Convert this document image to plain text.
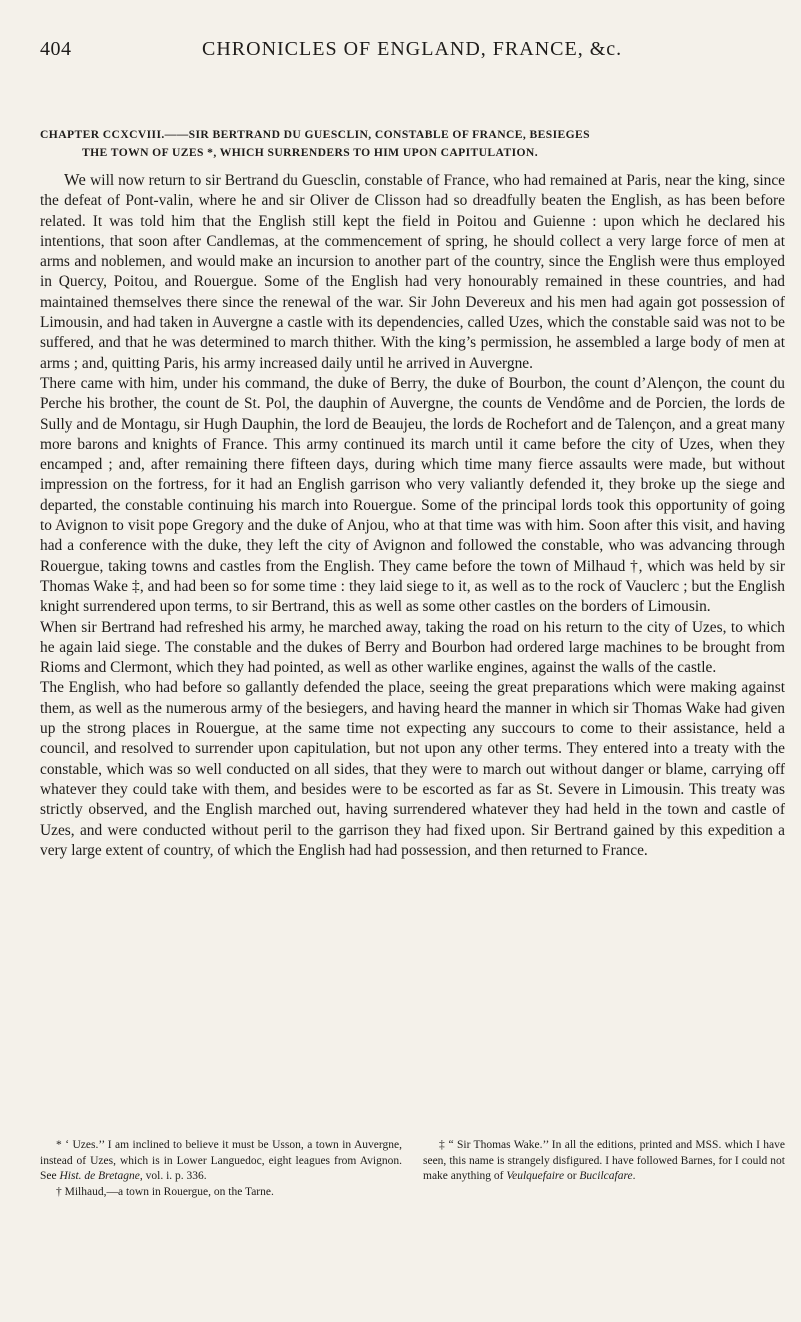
404	CHRONICLES OF ENGLAND, FRANCE, &c.
CHAPTER CCXCVIII.——SIR BERTRAND DU GUESCLIN, CONSTABLE OF FRANCE, BESIEGES
THE TOWN OF UZES *, WHICH SURRENDERS TO HIM UPON CAPITULATION.

We will now return to sir Bertrand du Guesclin, constable of France, who had remained at Paris, near the king, since the defeat of Pont-valin, where he and sir Oliver de Clisson had so dreadfully beaten the English, as has been before related. It was told him that the English still kept the field in Poitou and Guienne : upon which he declared his intentions, that soon after Candlemas, at the commencement of spring, he should collect a very large force of men at arms and noblemen, and would make an incursion to another part of the country, since the English were thus employed in Quercy, Poitou, and Rouergue. Some of the English had very honourably remained in these countries, and had maintained themselves there since the renewal of the war. Sir John Devereux and his men had again got possession of Limousin, and had taken in Auvergne a castle with its dependencies, called Uzes, which the constable said was not to be suffered, and that he was determined to march thither. With the king’s permission, he assembled a large body of men at arms ; and, quitting Paris, his army increased daily until he arrived in Auvergne.

There came with him, under his command, the duke of Berry, the duke of Bourbon, the count d’Alençon, the count du Perche his brother, the count de St. Pol, the dauphin of Auvergne, the counts de Vendôme and de Porcien, the lords de Sully and de Montagu, sir Hugh Dauphin, the lord de Beaujeu, the lords de Rochefort and de Talençon, and a great many more barons and knights of France. This army continued its march until it came before the city of Uzes, when they encamped ; and, after remaining there fifteen days, during which time many fierce assaults were made, but without impression on the fortress, for it had an English garrison who very valiantly defended it, they broke up the siege and departed, the constable continuing his march into Rouergue. Some of the principal lords took this opportunity of going to Avignon to visit pope Gregory and the duke of Anjou, who at that time was with him. Soon after this visit, and having had a conference with the duke, they left the city of Avignon and followed the constable, who was advancing through Rouergue, taking towns and castles from the English. They came before the town of Milhaud †, which was held by sir Thomas Wake ‡, and had been so for some time : they laid siege to it, as well as to the rock of Vauclerc ; but the English knight surrendered upon terms, to sir Bertrand, this as well as some other castles on the borders of Limousin.

When sir Bertrand had refreshed his army, he marched away, taking the road on his return to the city of Uzes, to which he again laid siege. The constable and the dukes of Berry and Bourbon had ordered large machines to be brought from Rioms and Clermont, which they had pointed, as well as other warlike engines, against the walls of the castle.

The English, who had before so gallantly defended the place, seeing the great preparations which were making against them, as well as the numerous army of the besiegers, and having heard the manner in which sir Thomas Wake had given up the strong places in Rouergue, at the same time not expecting any succours to come to their assistance, held a council, and resolved to surrender upon capitulation, but not upon any other terms. They entered into a treaty with the constable, which was so well conducted on all sides, that they were to march out without danger or blame, carrying off whatever they could take with them, and besides were to be escorted as far as St. Severe in Limousin. This treaty was strictly observed, and the English marched out, having surrendered whatever they had held in the town and castle of Uzes, and were conducted without peril to the garrison they had fixed upon. Sir Bertrand gained by this expedition a very large extent of country, of which the English had had possession, and then returned to France.

* ‘ Uzes.’’ I am inclined to believe it must be Usson, a town in Auvergne, instead of Uzes, which is in Lower Languedoc, eight leagues from Avignon. See Hist. de Bretagne, vol. i. p. 336.

† Milhaud,—a town in Rouergue, on the Tarne.

‡ “ Sir Thomas Wake.’’ In all the editions, printed and MSS. which I have seen, this name is strangely disfigured. I have followed Barnes, for I could not make anything of Veulquefaire or Bucilcafare.
